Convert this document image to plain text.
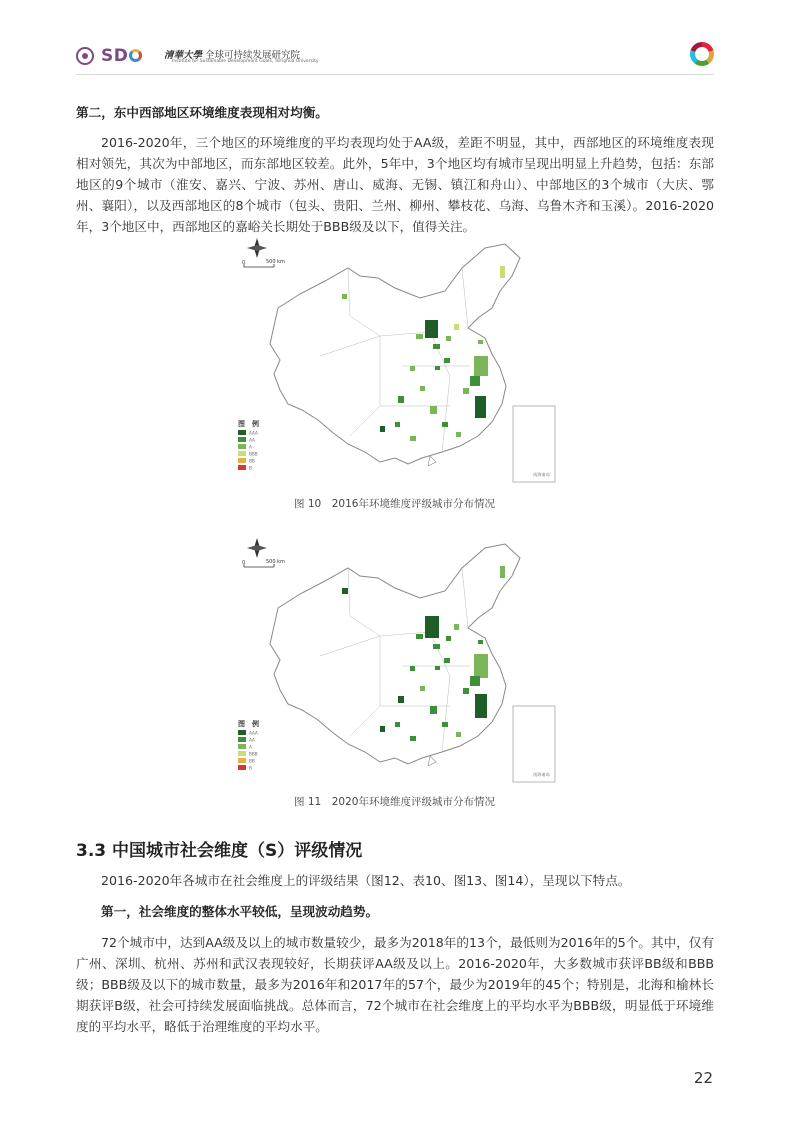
SD	清華大學 全球可持续发展研究院
Institute for Sustainable Development Goals, Tsinghua University
第二，东中西部地区环境维度表现相对均衡。
2016-2020年，三个地区的环境维度的平均表现均处于AA级，差距不明显，其中，西部地区的环境维度表现相对领先，其次为中部地区，而东部地区较差。此外，5年中，3个地区均有城市呈现出明显上升趋势，包括：东部地区的9个城市（淮安、嘉兴、宁波、苏州、唐山、威海、无锡、镇江和舟山）、中部地区的3个城市（大庆、鄂州、襄阳），以及西部地区的8个城市（包头、贵阳、兰州、柳州、攀枝花、乌海、乌鲁木齐和玉溪）。2016-2020年，3个地区中，西部地区的嘉峪关长期处于BBB级及以下，值得关注。
0	500 km
南海诸岛
图　例
AAA
AA
A
BBB
BB
B
图 10　2016年环境维度评级城市分布情况
0	500 km
南海诸岛
图　例
AAA
AA
A
BBB
BB
B
图 11　2020年环境维度评级城市分布情况
3.3 中国城市社会维度（S）评级情况
2016-2020年各城市在社会维度上的评级结果（图12、表10、图13、图14），呈现以下特点。
第一，社会维度的整体水平较低，呈现波动趋势。
72个城市中，达到AA级及以上的城市数量较少，最多为2018年的13个，最低则为2016年的5个。其中，仅有广州、深圳、杭州、苏州和武汉表现较好，长期获评AA级及以上。2016-2020年，大多数城市获评BB级和BBB级；BBB级及以下的城市数量，最多为2016年和2017年的57个，最少为2019年的45个；特别是，北海和榆林长期获评B级，社会可持续发展面临挑战。总体而言，72个城市在社会维度上的平均水平为BBB级，明显低于环境维度的平均水平，略低于治理维度的平均水平。
22
